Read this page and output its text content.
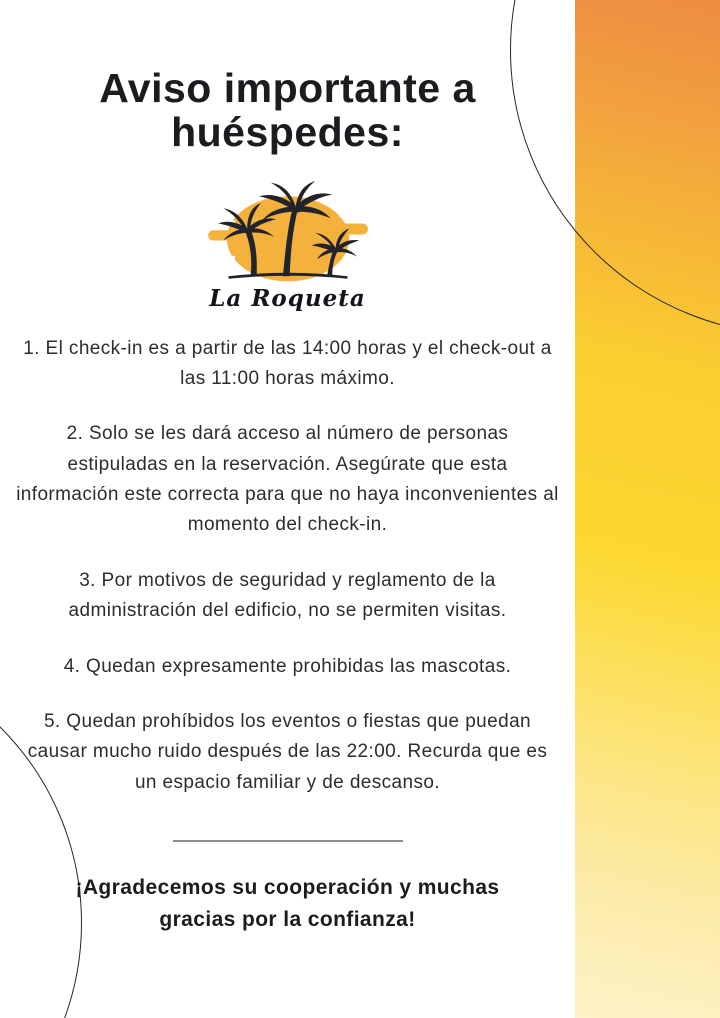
Aviso importante a
huéspedes:
La Roqueta

1. El check-in es a partir de las 14:00 horas y el check-out a las 11:00 horas máximo.

2. Solo se les dará acceso al número de personas estipuladas en la reservación. Asegúrate que esta información este correcta para que no haya inconvenientes al momento del check-in.

3. Por motivos de seguridad y reglamento de la administración del edificio, no se permiten visitas.

4. Quedan expresamente prohibidas las mascotas.

5. Quedan prohíbidos los eventos o fiestas que puedan causar mucho ruido después de las 22:00. Recurda que es un espacio familiar y de descanso.

¡Agradecemos su cooperación y muchas gracias por la confianza!
